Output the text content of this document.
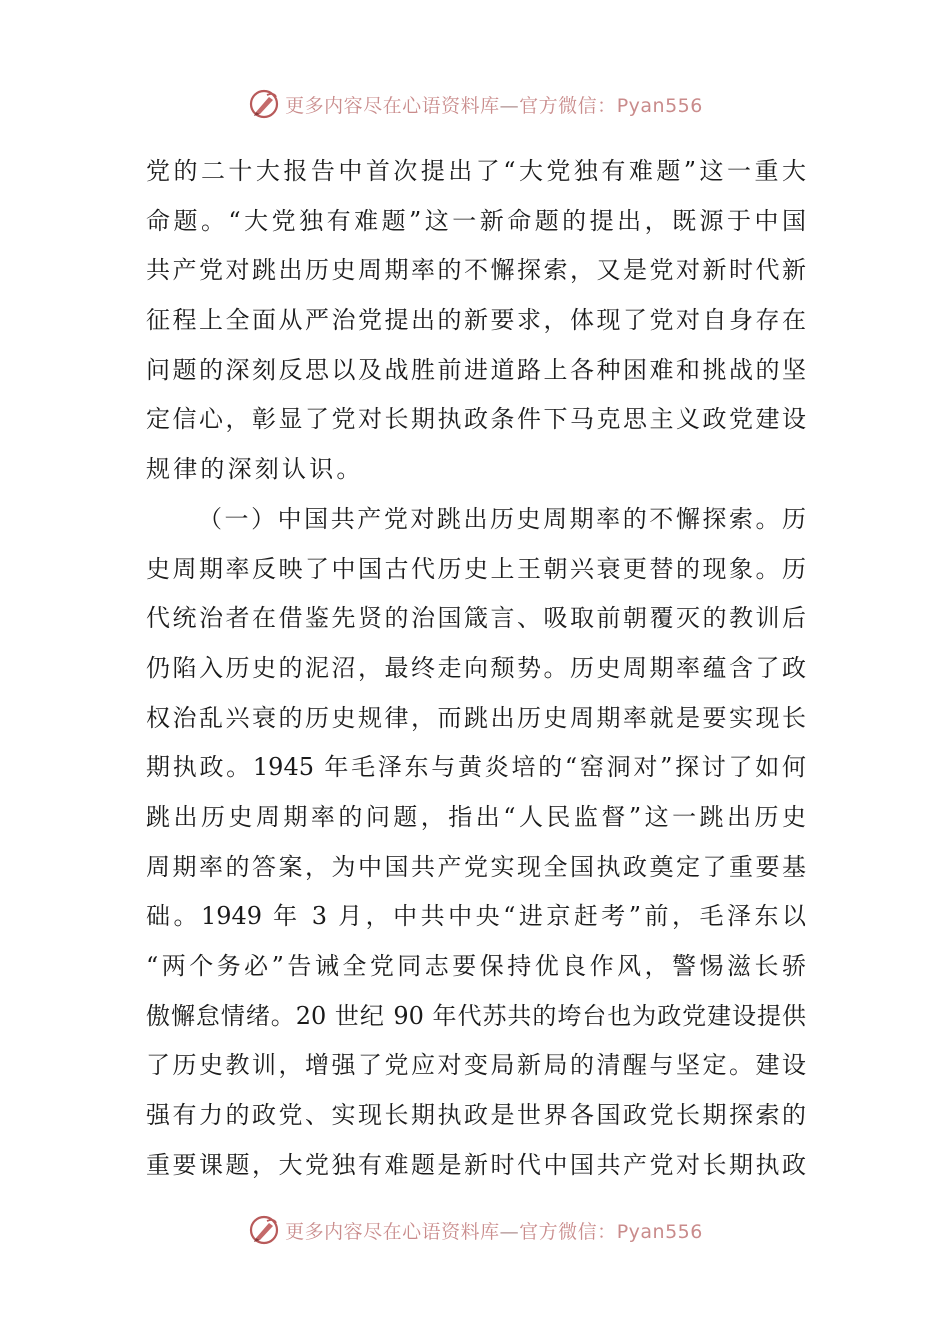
更多内容尽在心语资料库—官方微信：Pyan556
党的二十大报告中首次提出了“大党独有难题”这一重大
命题。“大党独有难题”这一新命题的提出，既源于中国
共产党对跳出历史周期率的不懈探索，又是党对新时代新
征程上全面从严治党提出的新要求，体现了党对自身存在
问题的深刻反思以及战胜前进道路上各种困难和挑战的坚
定信心，彰显了党对长期执政条件下马克思主义政党建设
规律的深刻认识。
（一）中国共产党对跳出历史周期率的不懈探索。历
史周期率反映了中国古代历史上王朝兴衰更替的现象。历
代统治者在借鉴先贤的治国箴言、吸取前朝覆灭的教训后
仍陷入历史的泥沼，最终走向颓势。历史周期率蕴含了政
权治乱兴衰的历史规律，而跳出历史周期率就是要实现长
期执政。1945 年毛泽东与黄炎培的“窑洞对”探讨了如何
跳出历史周期率的问题，指出“人民监督”这一跳出历史
周期率的答案，为中国共产党实现全国执政奠定了重要基
础。1949 年 3 月，中共中央“进京赶考”前，毛泽东以
“两个务必”告诫全党同志要保持优良作风，警惕滋长骄
傲懈怠情绪。20 世纪 90 年代苏共的垮台也为政党建设提供
了历史教训，增强了党应对变局新局的清醒与坚定。建设
强有力的政党、实现长期执政是世界各国政党长期探索的
重要课题，大党独有难题是新时代中国共产党对长期执政
更多内容尽在心语资料库—官方微信：Pyan556
